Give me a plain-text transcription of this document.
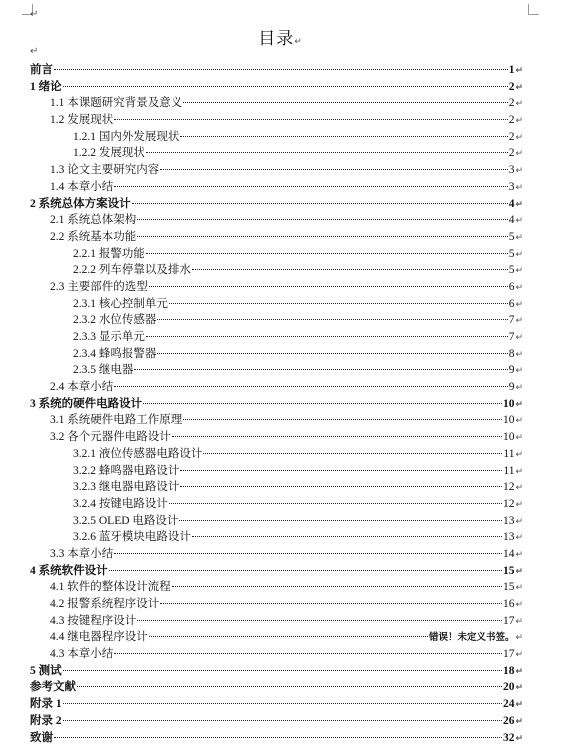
↵
目录↵
↵
前言	1 ↵
1 绪论	2 ↵
1.1 本课题研究背景及意义	2 ↵
1.2 发展现状	2 ↵
1.2.1 国内外发展现状	2 ↵
1.2.2 发展现状	2 ↵
1.3 论文主要研究内容	3 ↵
1.4 本章小结	3 ↵
2 系统总体方案设计	4 ↵
2.1 系统总体架构	4 ↵
2.2 系统基本功能	5 ↵
2.2.1 报警功能	5 ↵
2.2.2 列车停靠以及排水	5 ↵
2.3 主要部件的选型	6 ↵
2.3.1 核心控制单元	6 ↵
2.3.2 水位传感器	7 ↵
2.3.3 显示单元	7 ↵
2.3.4 蜂鸣报警器	8 ↵
2.3.5 继电器	9 ↵
2.4 本章小结	9 ↵
3 系统的硬件电路设计	10 ↵
3.1 系统硬件电路工作原理	10 ↵
3.2 各个元器件电路设计	10 ↵
3.2.1 液位传感器电路设计	11 ↵
3.2.2 蜂鸣器电路设计	11 ↵
3.2.3 继电器电路设计	12 ↵
3.2.4 按键电路设计	12 ↵
3.2.5 OLED 电路设计	13 ↵
3.2.6 蓝牙模块电路设计	13 ↵
3.3 本章小结	14 ↵
4 系统软件设计	15 ↵
4.1 软件的整体设计流程	15 ↵
4.2 报警系统程序设计	16 ↵
4.3 按键程序设计	17 ↵
4.4 继电器程序设计	错误！未定义书签。 ↵
4.3 本章小结	17 ↵
5 测试	18 ↵
参考文献	20 ↵
附录 1	24 ↵
附录 2	26 ↵
致谢	32 ↵
